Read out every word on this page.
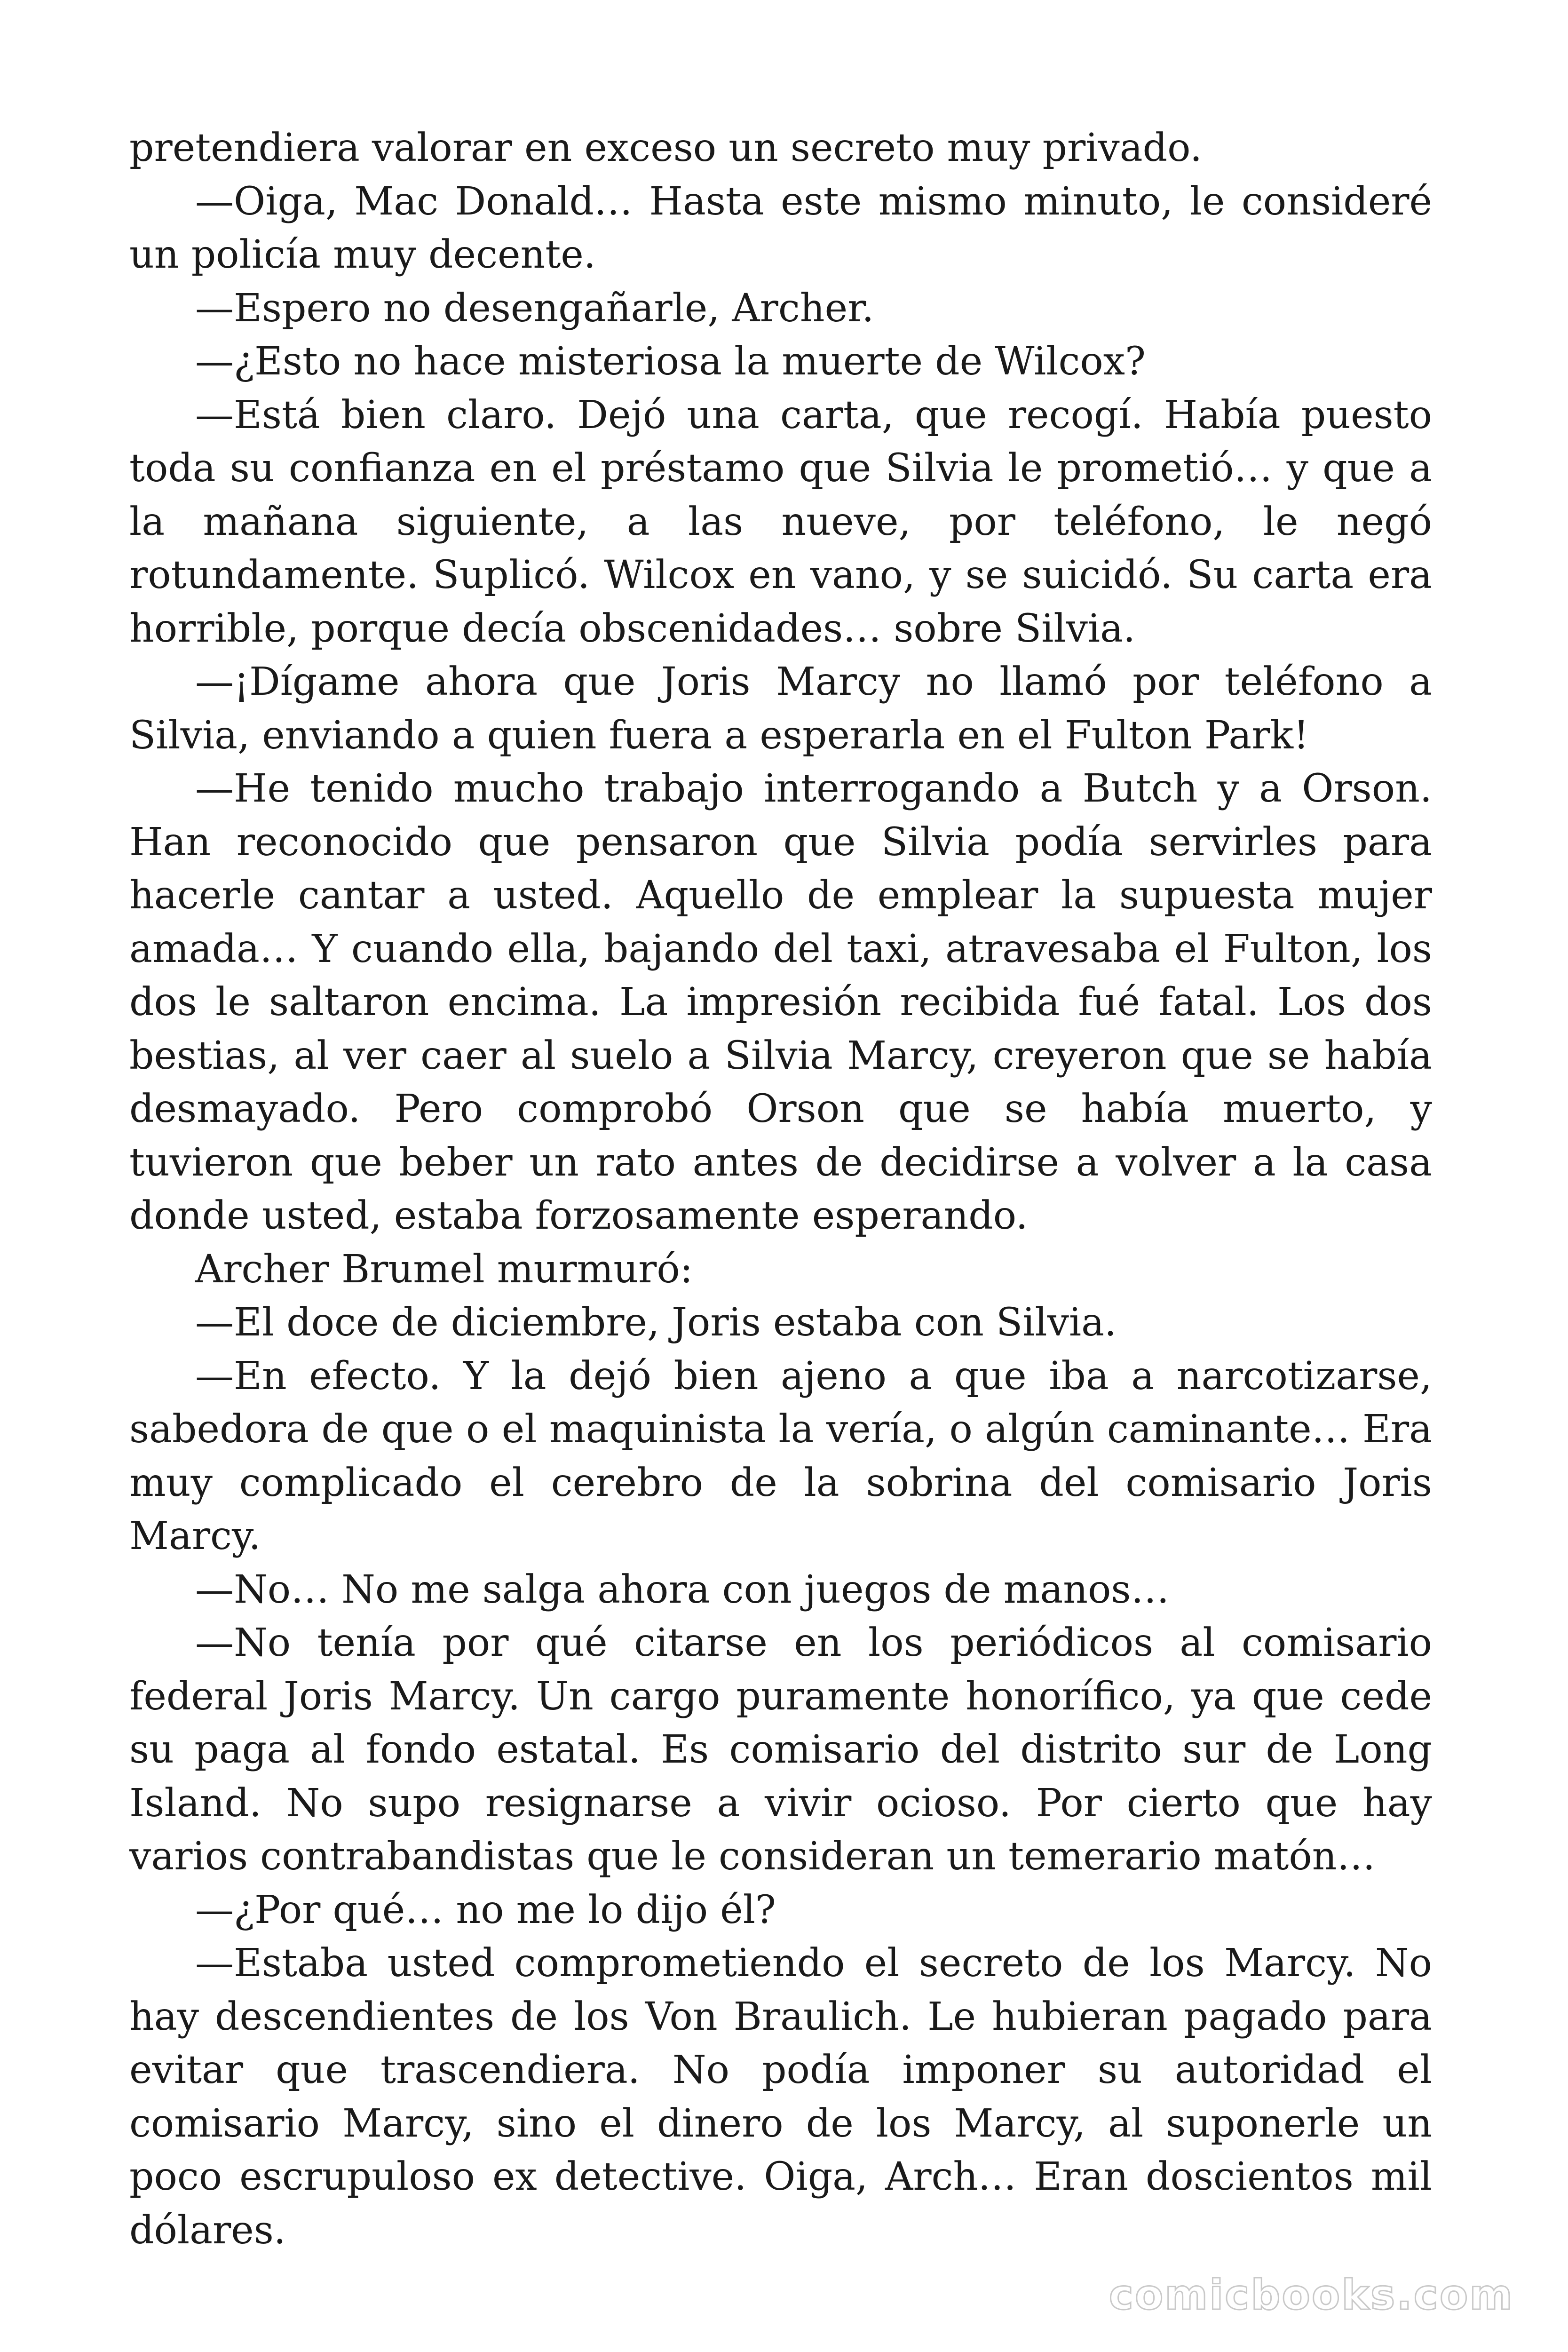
pretendiera valorar en exceso un secreto muy privado.

—Oiga, Mac Donald… Hasta este mismo minuto, le consideré un policía muy decente.

—Espero no desengañarle, Archer.

—¿Esto no hace misteriosa la muerte de Wilcox?

—Está bien claro. Dejó una carta, que recogí. Había puesto toda su confianza en el préstamo que Silvia le prometió… y que a la mañana siguiente, a las nueve, por teléfono, le negó rotundamente. Suplicó. Wilcox en vano, y se suicidó. Su carta era horrible, porque decía obscenidades… sobre Silvia.

—¡Dígame ahora que Joris Marcy no llamó por teléfono a Silvia, enviando a quien fuera a esperarla en el Fulton Park!

—He tenido mucho trabajo interrogando a Butch y a Orson. Han reconocido que pensaron que Silvia podía servirles para hacerle cantar a usted. Aquello de emplear la supuesta mujer amada… Y cuando ella, bajando del taxi, atravesaba el Fulton, los dos le saltaron encima. La impresión recibida fué fatal. Los dos bestias, al ver caer al suelo a Silvia Marcy, creyeron que se había desmayado. Pero comprobó Orson que se había muerto, y tuvieron que beber un rato antes de decidirse a volver a la casa donde usted, estaba forzosamente esperando.

Archer Brumel murmuró:

—El doce de diciembre, Joris estaba con Silvia.

—En efecto. Y la dejó bien ajeno a que iba a narcotizarse, sabedora de que o el maquinista la vería, o algún caminante… Era muy complicado el cerebro de la sobrina del comisario Joris Marcy.

—No… No me salga ahora con juegos de manos…

—No tenía por qué citarse en los periódicos al comisario federal Joris Marcy. Un cargo puramente honorífico, ya que cede su paga al fondo estatal. Es comisario del distrito sur de Long Island. No supo resignarse a vivir ocioso. Por cierto que hay varios contrabandistas que le consideran un temerario matón…

—¿Por qué… no me lo dijo él?

—Estaba usted comprometiendo el secreto de los Marcy. No hay descendientes de los Von Braulich. Le hubieran pagado para evitar que trascendiera. No podía imponer su autoridad el comisario Marcy, sino el dinero de los Marcy, al suponerle un poco escrupuloso ex detective. Oiga, Arch… Eran doscientos mil dólares.

comicbooks.com
